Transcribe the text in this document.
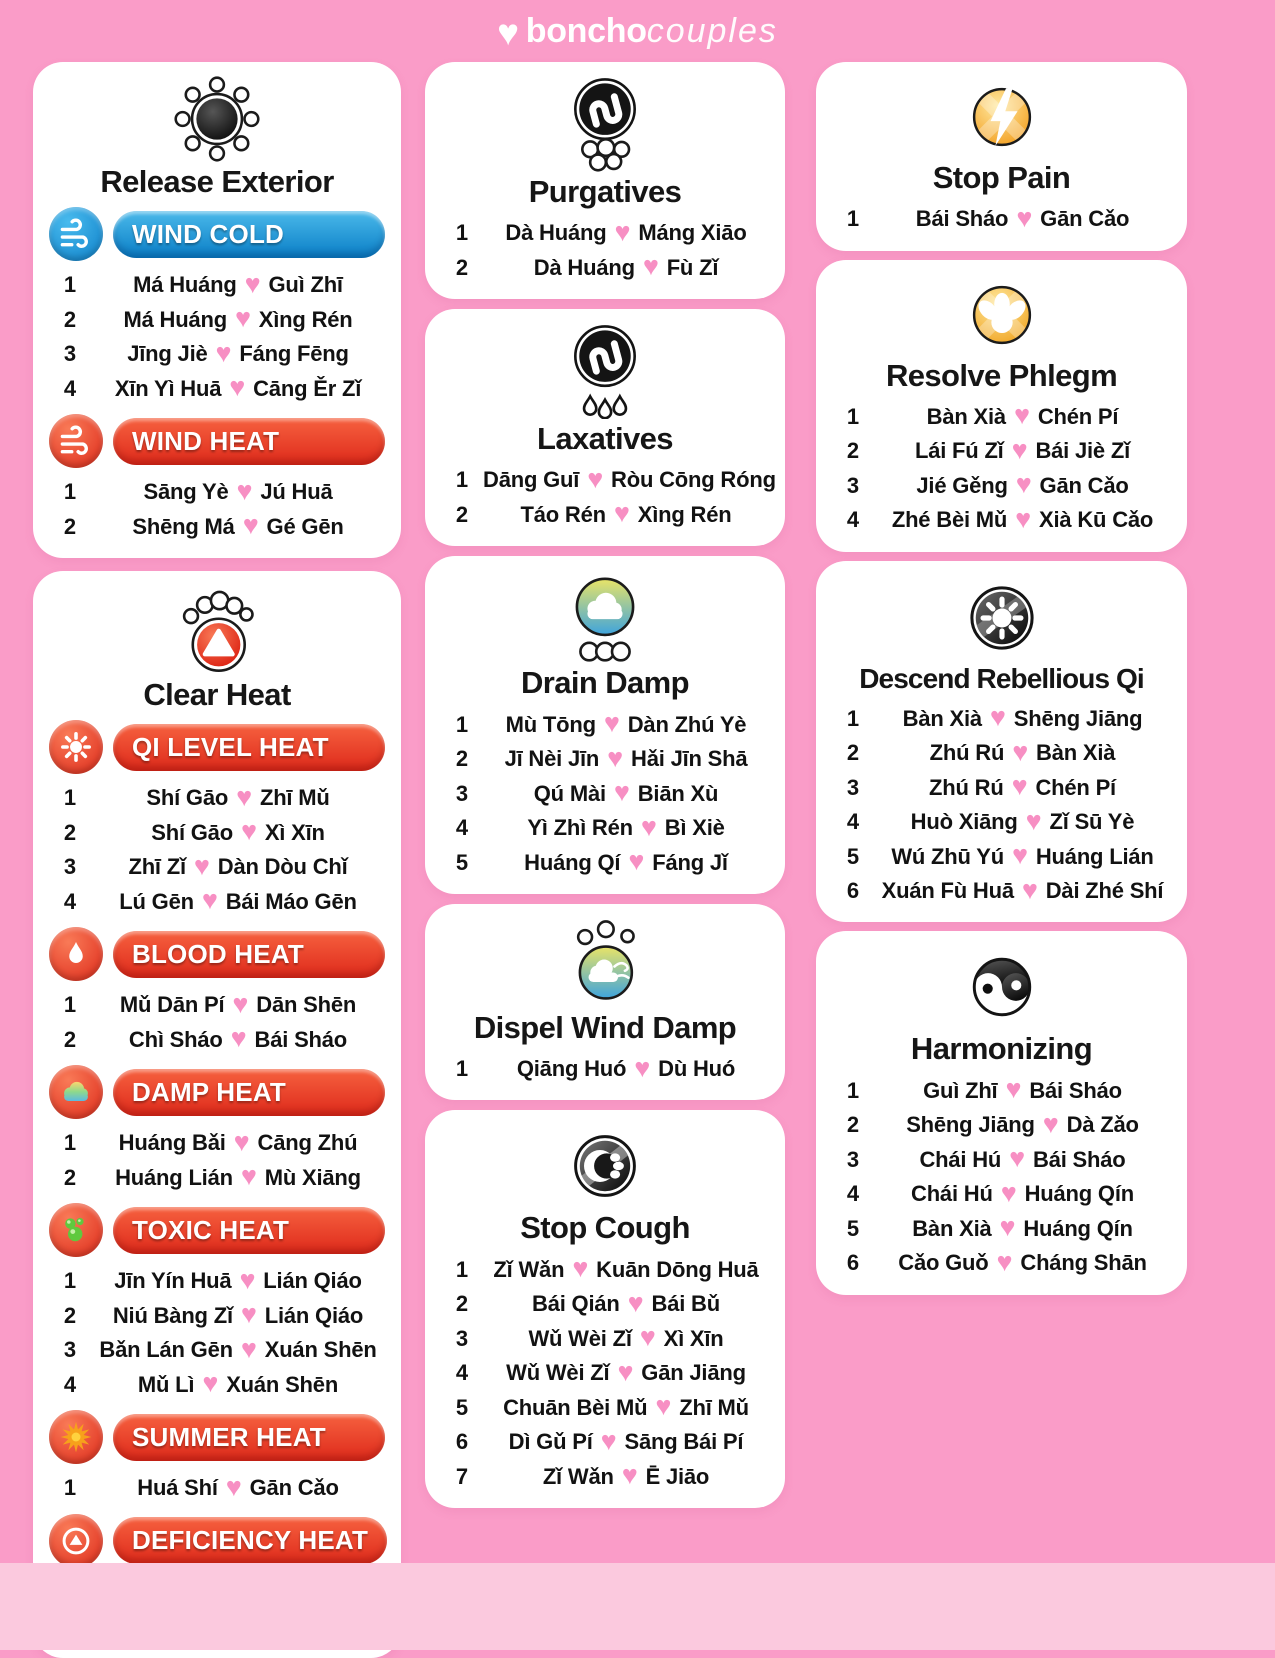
♥ bonchocouples
Release Exterior
WIND COLD
1	Má Huáng ♥ Guì Zhī
2	Má Huáng ♥ Xìng Rén
3	Jīng Jiè ♥ Fáng Fēng
4	Xīn Yì Huā ♥ Cāng Ěr Zǐ
WIND HEAT
1	Sāng Yè ♥ Jú Huā
2	Shēng Má ♥ Gé Gēn
Clear Heat
QI LEVEL HEAT
1	Shí Gāo ♥ Zhī Mǔ
2	Shí Gāo ♥ Xì Xīn
3	Zhī Zǐ ♥ Dàn Dòu Chǐ
4	Lú Gēn ♥ Bái Máo Gēn
BLOOD HEAT
1	Mǔ Dān Pí ♥ Dān Shēn
2	Chì Sháo ♥ Bái Sháo
DAMP HEAT
1	Huáng Bǎi ♥ Cāng Zhú
2	Huáng Lián ♥ Mù Xiāng
TOXIC HEAT
1	Jīn Yín Huā ♥ Lián Qiáo
2	Niú Bàng Zǐ ♥ Lián Qiáo
3	Bǎn Lán Gēn ♥ Xuán Shēn
4	Mǔ Lì ♥ Xuán Shēn
SUMMER HEAT
1	Huá Shí ♥ Gān Cǎo
DEFICIENCY HEAT
Purgatives
1	Dà Huáng ♥ Máng Xiāo
2	Dà Huáng ♥ Fù Zǐ
Laxatives
1 Dāng Guī ♥ Ròu Cōng Róng
2	Táo Rén ♥ Xìng Rén
Drain Damp
1	Mù Tōng ♥ Dàn Zhú Yè
2	Jī Nèi Jīn ♥ Hǎi Jīn Shā
3	Qú Mài ♥ Biān Xù
4	Yì Zhì Rén ♥ Bì Xiè
5	Huáng Qí ♥ Fáng Jǐ
Dispel Wind Damp
1	Qiāng Huó ♥ Dù Huó
Stop Cough
1	Zǐ Wǎn ♥ Kuān Dōng Huā
2	Bái Qián ♥ Bái Bǔ
3	Wǔ Wèi Zǐ ♥ Xì Xīn
4	Wǔ Wèi Zǐ ♥ Gān Jiāng
5	Chuān Bèi Mǔ ♥ Zhī Mǔ
6	Dì Gǔ Pí ♥ Sāng Bái Pí
7	Zǐ Wǎn ♥ Ē Jiāo
Stop Pain
1	Bái Sháo ♥ Gān Cǎo
Resolve Phlegm
1	Bàn Xià ♥ Chén Pí
2	Lái Fú Zǐ ♥ Bái Jiè Zǐ
3	Jié Gěng ♥ Gān Cǎo
4	Zhé Bèi Mǔ ♥ Xià Kū Cǎo
Descend Rebellious Qi
1	Bàn Xià ♥ Shēng Jiāng
2	Zhú Rú ♥ Bàn Xià
3	Zhú Rú ♥ Chén Pí
4	Huò Xiāng ♥ Zǐ Sū Yè
5	Wú Zhū Yú ♥ Huáng Lián
6	Xuán Fù Huā ♥ Dài Zhé Shí
Harmonizing
1	Guì Zhī ♥ Bái Sháo
2	Shēng Jiāng ♥ Dà Zǎo
3	Chái Hú ♥ Bái Sháo
4	Chái Hú ♥ Huáng Qín
5	Bàn Xià ♥ Huáng Qín
6	Cǎo Guǒ ♥ Cháng Shān
